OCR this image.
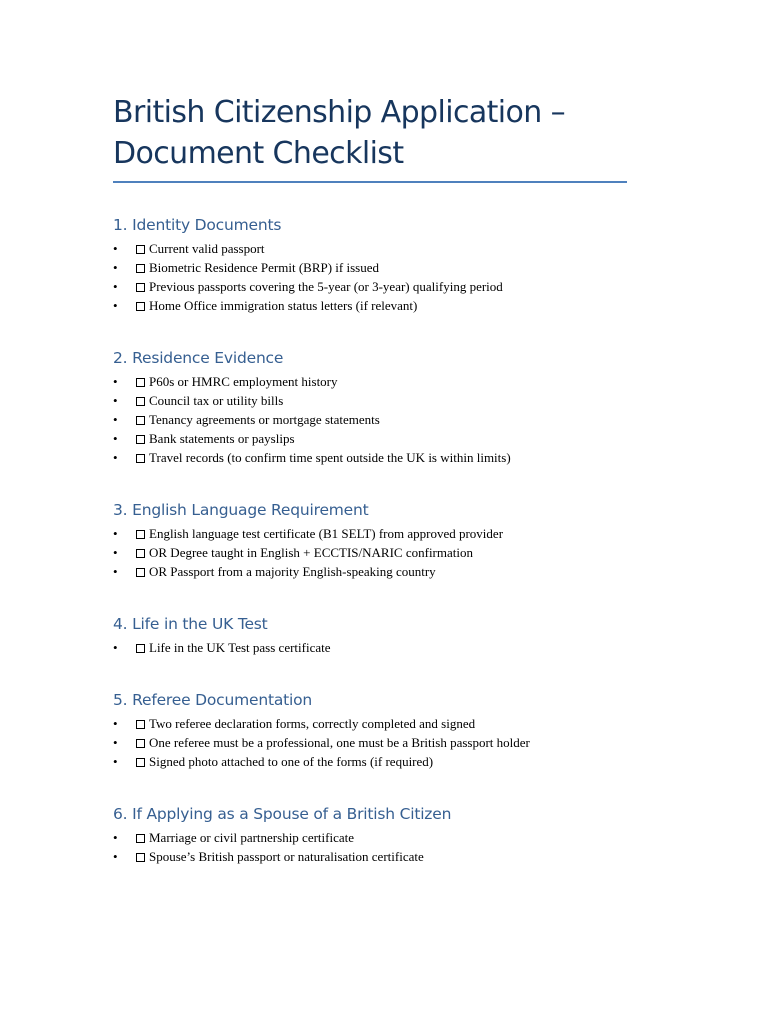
British Citizenship Application –
Document Checklist
1. Identity Documents
• Current valid passport
• Biometric Residence Permit (BRP) if issued
• Previous passports covering the 5-year (or 3-year) qualifying period
• Home Office immigration status letters (if relevant)
2. Residence Evidence
• P60s or HMRC employment history
• Council tax or utility bills
• Tenancy agreements or mortgage statements
• Bank statements or payslips
• Travel records (to confirm time spent outside the UK is within limits)
3. English Language Requirement
• English language test certificate (B1 SELT) from approved provider
• OR Degree taught in English + ECCTIS/NARIC confirmation
• OR Passport from a majority English-speaking country
4. Life in the UK Test
• Life in the UK Test pass certificate
5. Referee Documentation
• Two referee declaration forms, correctly completed and signed
• One referee must be a professional, one must be a British passport holder
• Signed photo attached to one of the forms (if required)
6. If Applying as a Spouse of a British Citizen
• Marriage or civil partnership certificate
• Spouse’s British passport or naturalisation certificate
